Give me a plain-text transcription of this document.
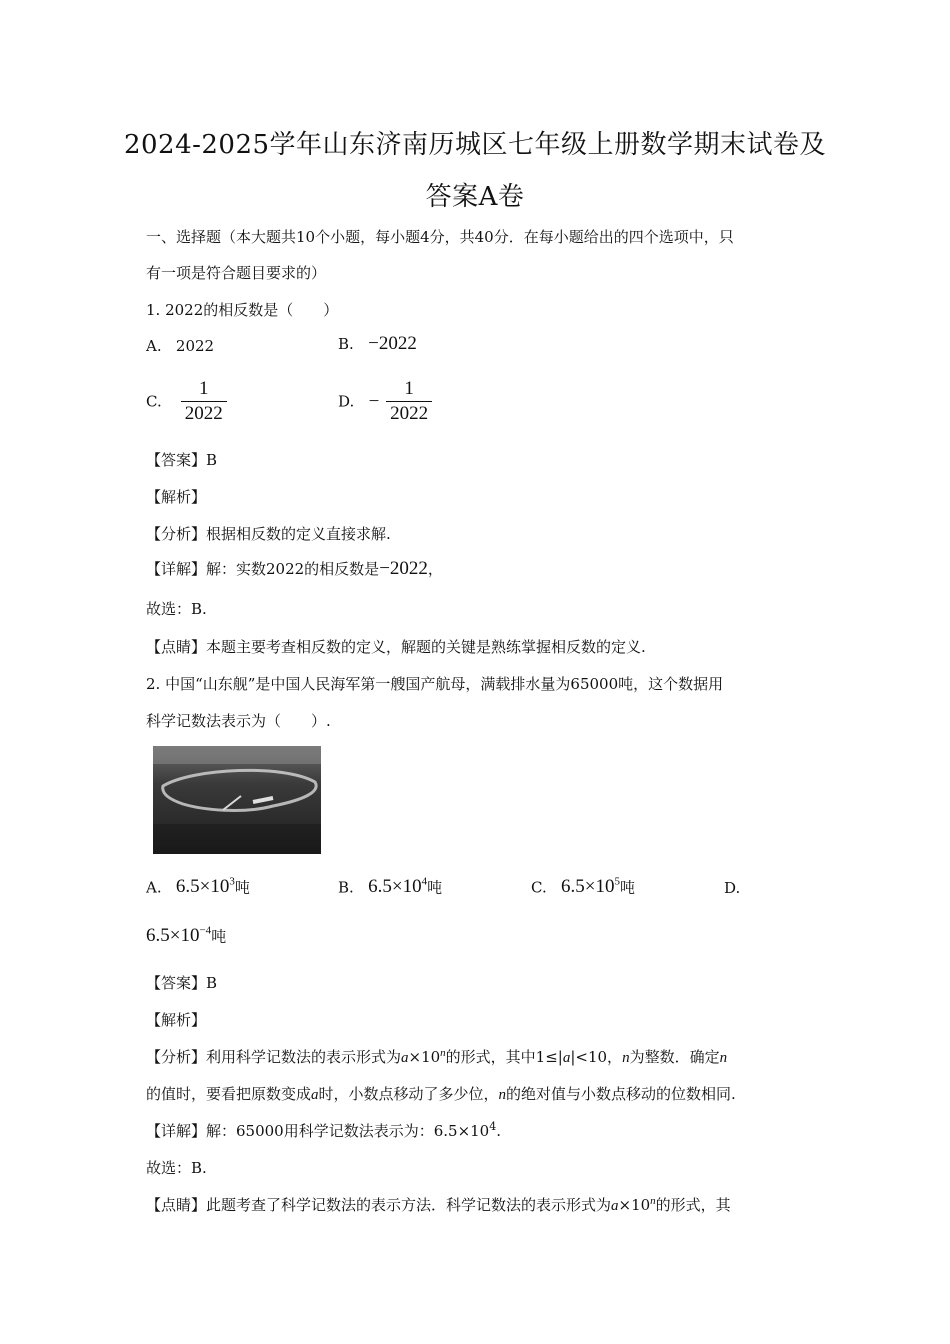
2024-2025学年山东济南历城区七年级上册数学期末试卷及
答案A卷
一、选择题（本大题共10个小题，每小题4分，共40分．在每小题给出的四个选项中，只
有一项是符合题目要求的）
1. 2022的相反数是（　　）
A. 2022	B. −2022
C. $\frac{1}{2022}$	D. − $\frac{1}{2022}$
【答案】B
【解析】
【分析】根据相反数的定义直接求解.
【详解】解：实数2022的相反数是−2022，
故选：B.
【点睛】本题主要考查相反数的定义，解题的关键是熟练掌握相反数的定义.
2. 中国“山东舰”是中国人民海军第一艘国产航母，满载排水量为65000吨，这个数据用
科学记数法表示为（　　）.
A. $6.5\times 10^3$吨	B. $6.5\times 10^4$吨	C. $6.5\times 10^5$吨	D.
$6.5\times 10^{-4}$吨
【答案】B
【解析】
【分析】利用科学记数法的表示形式为$a\times 10^n$的形式，其中1≤|a|<10，n为整数．确定n
的值时，要看把原数变成a时，小数点移动了多少位，n的绝对值与小数点移动的位数相同.
【详解】解：65000用科学记数法表示为：$6.5\times 10^4$.
故选：B.
【点睛】此题考查了科学记数法的表示方法．科学记数法的表示形式为$a\times 10^n$的形式，其
